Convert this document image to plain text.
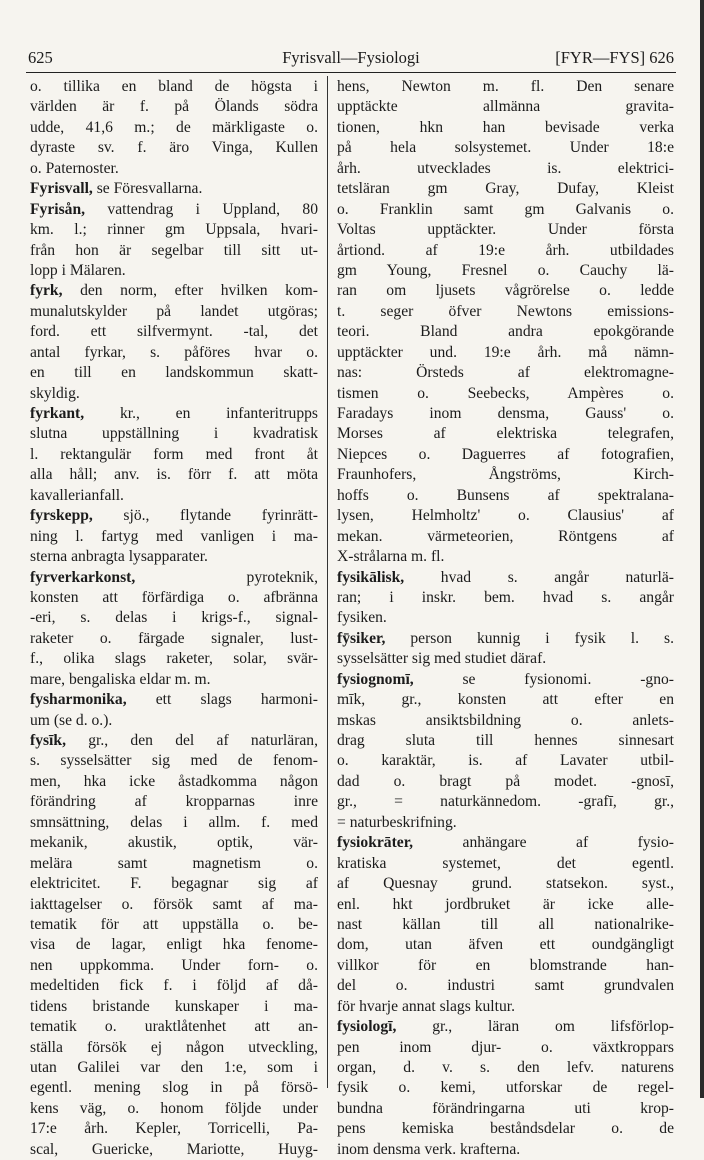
625	Fyrisvall—Fysiologi	[FYR—FYS] 626
o. tillika en bland de högsta i
världen är f. på Ölands södra
udde, 41,6 m.; de märkligaste o.
dyraste sv. f. äro Vinga, Kullen
o. Paternoster.
Fyrisvall, se Föresvallarna.
Fyrisån, vattendrag i Uppland, 80
km. l.; rinner gm Uppsala, hvari-
från hon är segelbar till sitt ut-
lopp i Mälaren.
fyrk, den norm, efter hvilken kom-
munalutskylder på landet utgöras;
ford. ett silfvermynt. -tal, det
antal fyrkar, s. påföres hvar o.
en till en landskommun skatt-
skyldig.
fyrkant, kr., en infanteritrupps
slutna uppställning i kvadratisk
l. rektangulär form med front åt
alla håll; anv. is. förr f. att möta
kavallerianfall.
fyrskepp, sjö., flytande fyrinrätt-
ning l. fartyg med vanligen i ma-
sterna anbragta lysapparater.
fyrverkarkonst, pyroteknik,
konsten att förfärdiga o. afbränna
-eri, s. delas i krigs-f., signal-
raketer o. färgade signaler, lust-
f., olika slags raketer, solar, svär-
mare, bengaliska eldar m. m.
fysharmonika, ett slags harmoni-
um (se d. o.).
fysīk, gr., den del af naturläran,
s. sysselsätter sig med de fenom-
men, hka icke åstadkomma någon
förändring af kropparnas inre
smnsättning, delas i allm. f. med
mekanik, akustik, optik, vär-
melära samt magnetism o.
elektricitet. F. begagnar sig af
iakttagelser o. försök samt af ma-
tematik för att uppställa o. be-
visa de lagar, enligt hka fenome-
nen uppkomma. Under forn- o.
medeltiden fick f. i följd af då-
tidens bristande kunskaper i ma-
tematik o. uraktlåtenhet att an-
ställa försök ej någon utveckling,
utan Galilei var den 1:e, som i
egentl. mening slog in på försö-
kens väg, o. honom följde under
17:e årh. Kepler, Torricelli, Pa-
scal, Guericke, Mariotte, Huyg-
hens, Newton m. fl. Den senare
upptäckte allmänna gravita-
tionen, hkn han bevisade verka
på hela solsystemet. Under 18:e
årh. utvecklades is. elektrici-
tetsläran gm Gray, Dufay, Kleist
o. Franklin samt gm Galvanis o.
Voltas upptäckter. Under första
årtiond. af 19:e årh. utbildades
gm Young, Fresnel o. Cauchy lä-
ran om ljusets vågrörelse o. ledde
t. seger öfver Newtons emissions-
teori. Bland andra epokgörande
upptäckter und. 19:e årh. må nämn-
nas: Örsteds af elektromagne-
tismen o. Seebecks, Ampères o.
Faradays inom densma, Gauss' o.
Morses af elektriska telegrafen,
Niepces o. Daguerres af fotografien,
Fraunhofers, Ångströms, Kirch-
hoffs o. Bunsens af spektralana-
lysen, Helmholtz' o. Clausius' af
mekan. värmeteorien, Röntgens af
X-strålarna m. fl.
fysikālisk, hvad s. angår naturlä-
ran; i inskr. bem. hvad s. angår
fysiken.
fȳsiker, person kunnig i fysik l. s.
sysselsätter sig med studiet däraf.
fysiognomī, se fysionomi. -gno-
mīk, gr., konsten att efter en
mskas ansiktsbildning o. anlets-
drag sluta till hennes sinnesart
o. karaktär, is. af Lavater utbil-
dad o. bragt på modet. -gnosī,
gr., = naturkännedom. -grafī, gr.,
= naturbeskrifning.
fysiokrāter, anhängare af fysio-
kratiska systemet, det egentl.
af Quesnay grund. statsekon. syst.,
enl. hkt jordbruket är icke alle-
nast källan till all nationalrike-
dom, utan äfven ett oundgängligt
villkor för en blomstrande han-
del o. industri samt grundvalen
för hvarje annat slags kultur.
fysiologī, gr., läran om lifsförlop-
pen inom djur- o. växtkroppars
organ, d. v. s. den lefv. naturens
fysik o. kemi, utforskar de regel-
bundna förändringarna uti krop-
pens kemiska beståndsdelar o. de
inom densma verk. krafterna.
